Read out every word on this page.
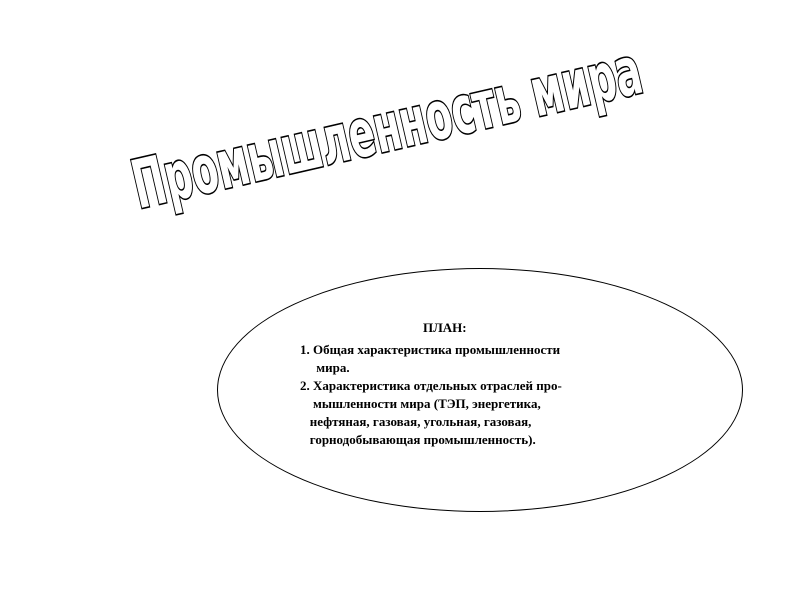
Промышленность мира
ПЛАН:
1. Общая характеристика промышленности
мира.
2. Характеристика отдельных отраслей про-
мышленности мира (ТЭП, энергетика,
нефтяная, газовая, угольная, газовая,
горнодобывающая промышленность).
